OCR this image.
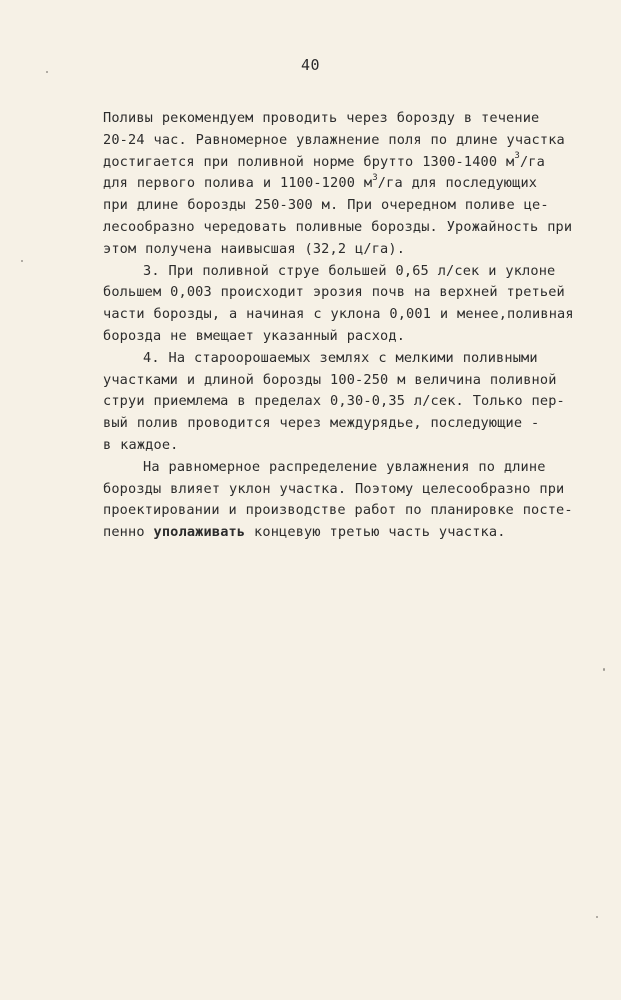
40
Поливы рекомендуем проводить через борозду в течение
20-24 час. Равномерное увлажнение поля по длине участка
достигается при поливной норме брутто 1300-1400 $м^3/га$
для первого полива и 1100-1200 $м^3/га$ для последующих
при длине борозды 250-300 м. При очередном поливе це-
лесообразно чередовать поливные борозды. Урожайность при
этом получена наивысшая (32,2 ц/га).
3. При поливной струе большей 0,65 л/сек и уклоне
большем 0,003 происходит эрозия почв на верхней третьей
части борозды, а начиная с уклона 0,001 и менее,поливная
борозда не вмещает указанный расход.
4. На староорошаемых землях с мелкими поливными
участками и длиной борозды 100-250 м величина поливной
струи приемлема в пределах 0,30-0,35 л/сек. Только пер-
вый полив проводится через междурядье, последующие -
в каждое.
На равномерное распределение увлажнения по длине
борозды влияет уклон участка. Поэтому целесообразно при
проектировании и производстве работ по планировке посте-
пенно уполаживать концевую третью часть участка.
